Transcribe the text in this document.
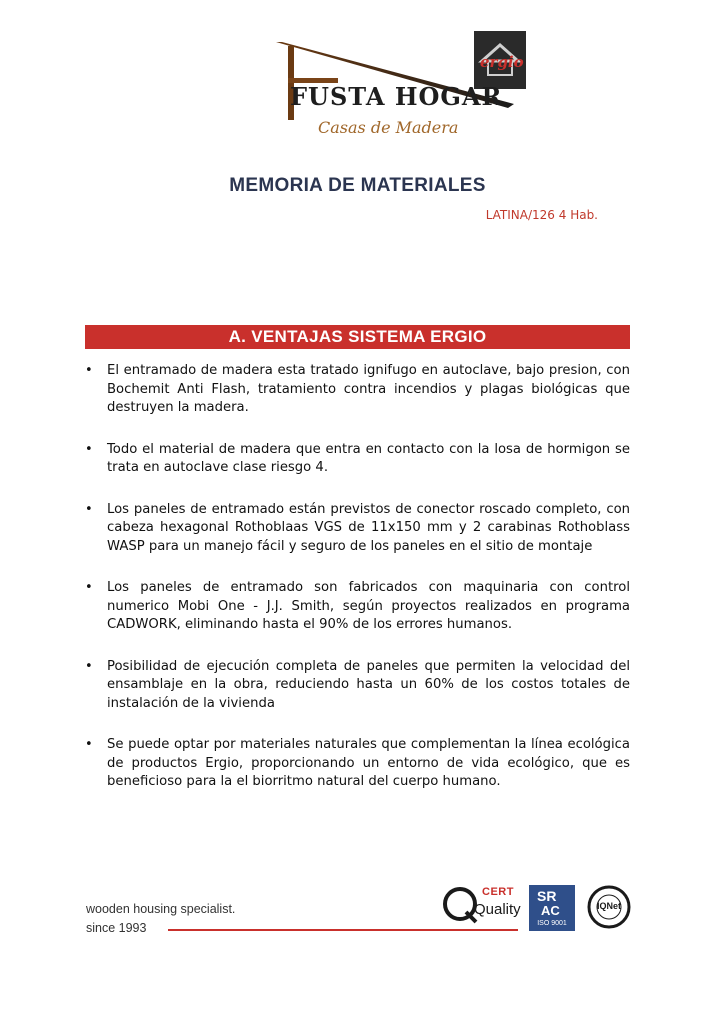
ergio
FUSTA HOGAR
Casas de Madera
MEMORIA DE MATERIALES
LATINA/126 4 Hab.
A. VENTAJAS SISTEMA ERGIO
• El entramado de madera esta tratado ignifugo en autoclave, bajo presion, con Bochemit Anti Flash, tratamiento contra incendios y plagas biológicas que destruyen la madera.
• Todo el material de madera que entra en contacto con la losa de hormigon se trata en autoclave clase riesgo 4.
• Los paneles de entramado están previstos de conector roscado completo, con cabeza hexagonal Rothoblaas VGS de 11x150 mm y 2 carabinas Rothoblass WASP para un manejo fácil y seguro de los paneles en el sitio de montaje
• Los paneles de entramado son fabricados con maquinaria con control numerico Mobi One - J.J. Smith, según proyectos realizados en programa CADWORK, eliminando hasta el 90% de los errores humanos.
• Posibilidad de ejecución completa de paneles que permiten la velocidad del ensamblaje en la obra, reduciendo hasta un 60% de los costos totales de instalación de la vivienda
• Se puede optar por materiales naturales que complementan la línea ecológica de productos Ergio, proporcionando un entorno de vida ecológico, que es beneficioso para la el biorritmo natural del cuerpo humano.
wooden housing specialist.
since 1993
CERT
Quality
SR
AC
ISO 9001
IQNet
